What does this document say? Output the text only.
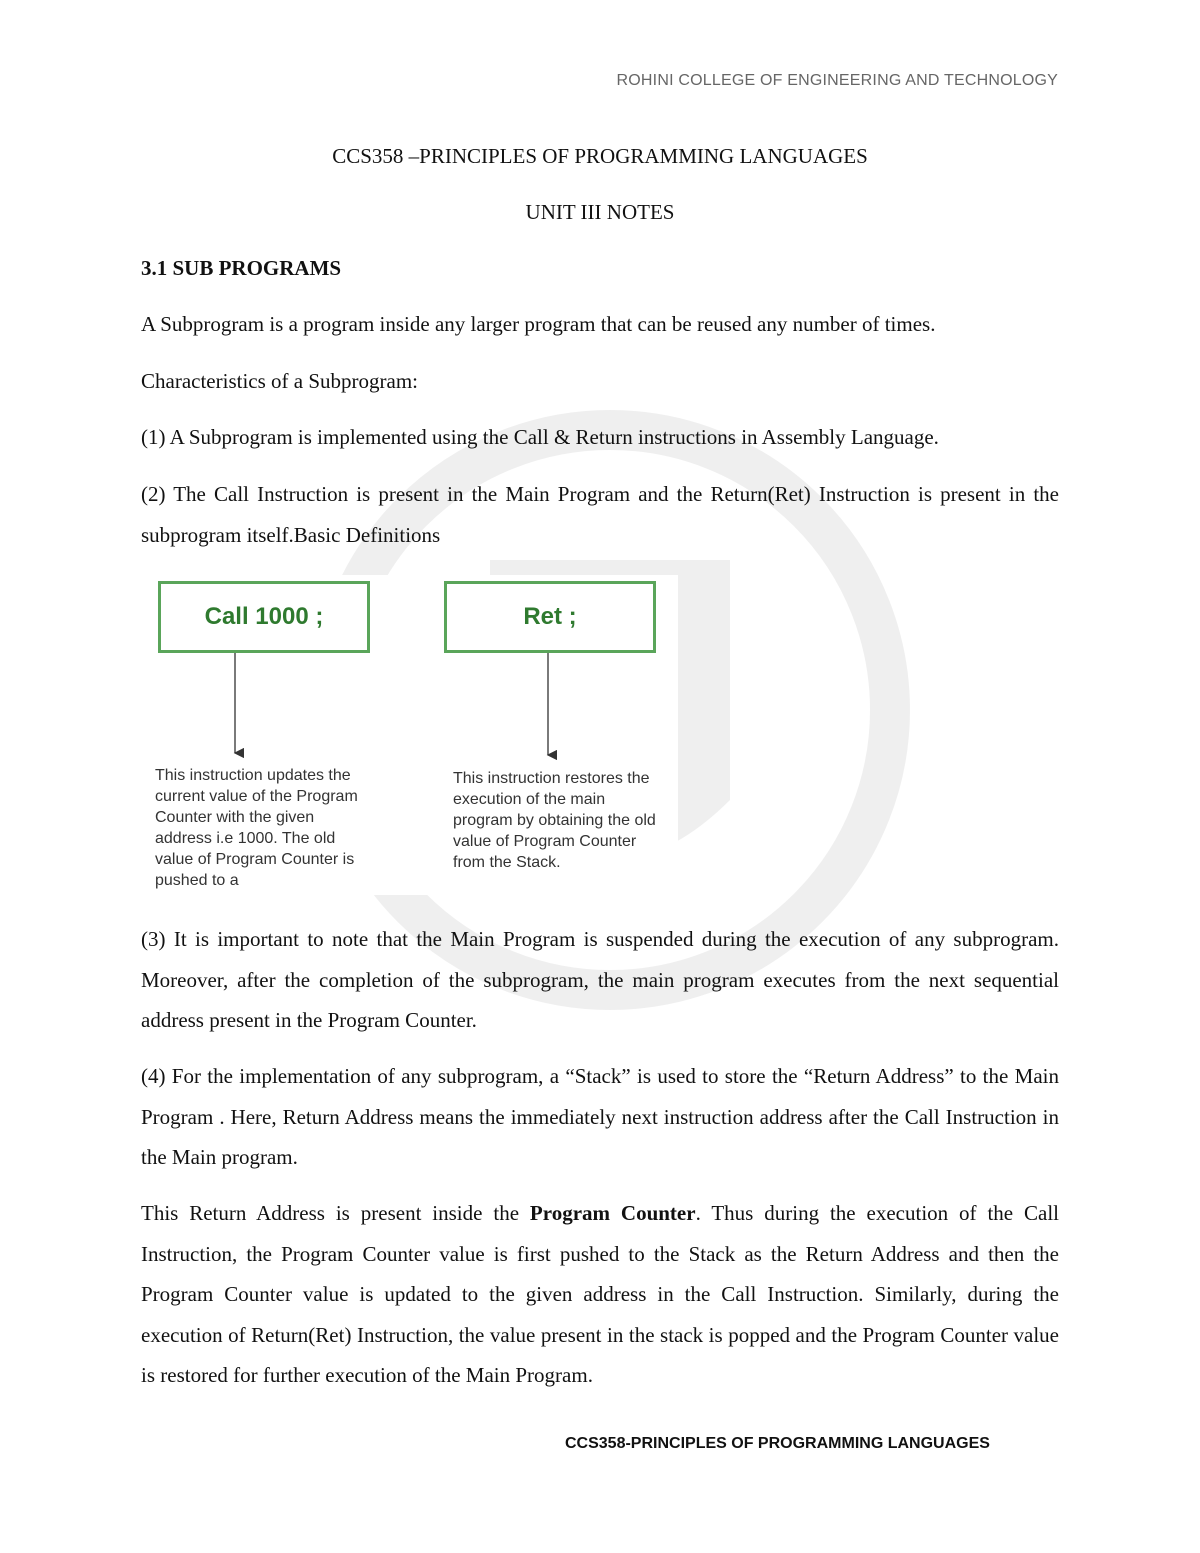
ROHINI COLLEGE OF ENGINEERING AND TECHNOLOGY
CCS358 –PRINCIPLES OF PROGRAMMING LANGUAGES
UNIT III NOTES
3.1 SUB PROGRAMS

A Subprogram is a program inside any larger program that can be reused any number of times.

Characteristics of a Subprogram:

(1) A Subprogram is implemented using the Call & Return instructions in Assembly Language.

(2) The Call Instruction is present in the Main Program and the Return(Ret) Instruction is present in the subprogram itself.Basic Definitions

Call 1000 ;	Ret ;

This instruction updates the current value of the Program Counter with the given address i.e 1000. The old value of Program Counter is pushed to a

This instruction restores the execution of the main program by obtaining the old value of Program Counter from the Stack.

(3) It is important to note that the Main Program is suspended during the execution of any subprogram. Moreover, after the completion of the subprogram, the main program executes from the next sequential address present in the Program Counter.

(4) For the implementation of any subprogram, a “Stack” is used to store the “Return Address” to the Main Program . Here, Return Address means the immediately next instruction address after the Call Instruction in the Main program.

This Return Address is present inside the Program Counter. Thus during the execution of the Call Instruction, the Program Counter value is first pushed to the Stack as the Return Address and then the Program Counter value is updated to the given address in the Call Instruction. Similarly, during the execution of Return(Ret) Instruction, the value present in the stack is popped and the Program Counter value is restored for further execution of the Main Program.

CCS358-PRINCIPLES OF PROGRAMMING LANGUAGES
